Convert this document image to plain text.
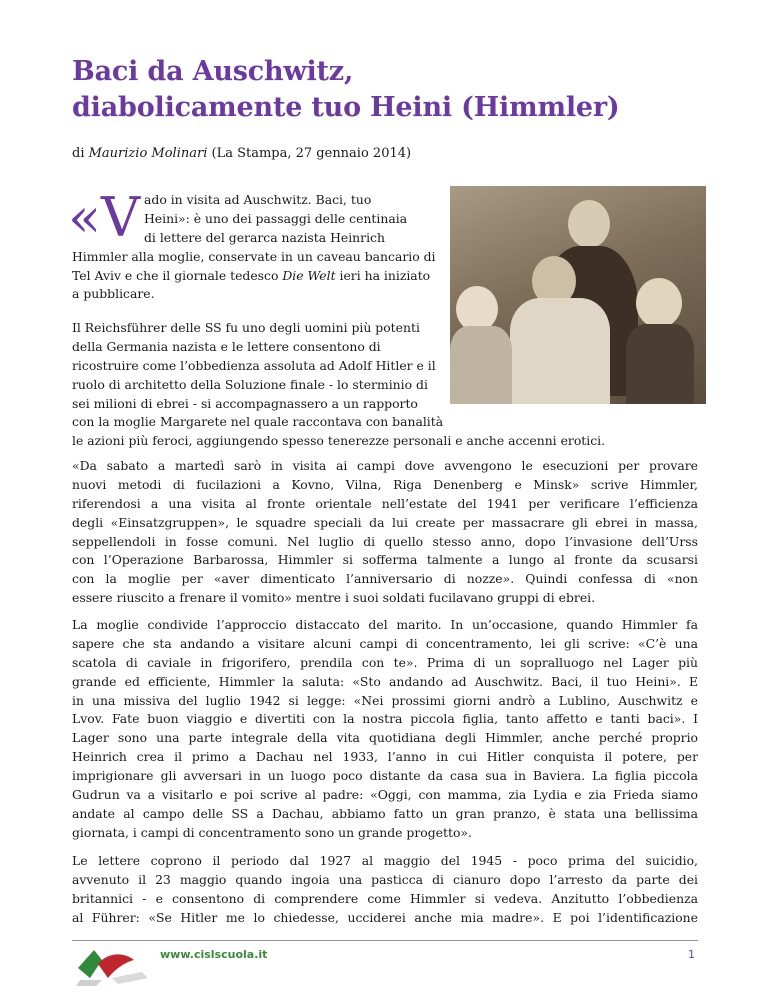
Baci da Auschwitz,
diabolicamente tuo Heini (Himmler)
di Maurizio Molinari (La Stampa, 27 gennaio 2014)
«V ado in visita ad Auschwitz. Baci, tuo
Heini»: è uno dei passaggi delle centinaia
di lettere del gerarca nazista Heinrich
Himmler alla moglie, conservate in un caveau bancario di
Tel Aviv e che il giornale tedesco Die Welt ieri ha iniziato
a pubblicare.
Il Reichsführer delle SS fu uno degli uomini più potenti
della Germania nazista e le lettere consentono di
ricostruire come l’obbedienza assoluta ad Adolf Hitler e il
ruolo di architetto della Soluzione finale - lo sterminio di
sei milioni di ebrei - si accompagnassero a un rapporto
con la moglie Margarete nel quale raccontava con banalità
le azioni più feroci, aggiungendo spesso tenerezze personali e anche accenni erotici.
«Da sabato a martedì sarò in visita ai campi dove avvengono le esecuzioni per provare
nuovi metodi di fucilazioni a Kovno, Vilna, Riga Denenberg e Minsk» scrive Himmler,
riferendosi a una visita al fronte orientale nell’estate del 1941 per verificare l’efficienza
degli «Einsatzgruppen», le squadre speciali da lui create per massacrare gli ebrei in massa,
seppellendoli in fosse comuni. Nel luglio di quello stesso anno, dopo l’invasione dell’Urss
con l’Operazione Barbarossa, Himmler si sofferma talmente a lungo al fronte da scusarsi
con la moglie per «aver dimenticato l’anniversario di nozze». Quindi confessa di «non
essere riuscito a frenare il vomito» mentre i suoi soldati fucilavano gruppi di ebrei.
La moglie condivide l’approccio distaccato del marito. In un’occasione, quando Himmler fa
sapere che sta andando a visitare alcuni campi di concentramento, lei gli scrive: «C’è una
scatola di caviale in frigorifero, prendila con te». Prima di un sopralluogo nel Lager più
grande ed efficiente, Himmler la saluta: «Sto andando ad Auschwitz. Baci, il tuo Heini». E
in una missiva del luglio 1942 si legge: «Nei prossimi giorni andrò a Lublino, Auschwitz e
Lvov. Fate buon viaggio e divertiti con la nostra piccola figlia, tanto affetto e tanti baci». I
Lager sono una parte integrale della vita quotidiana degli Himmler, anche perché proprio
Heinrich crea il primo a Dachau nel 1933, l’anno in cui Hitler conquista il potere, per
imprigionare gli avversari in un luogo poco distante da casa sua in Baviera. La figlia piccola
Gudrun va a visitarlo e poi scrive al padre: «Oggi, con mamma, zia Lydia e zia Frieda siamo
andate al campo delle SS a Dachau, abbiamo fatto un gran pranzo, è stata una bellissima
giornata, i campi di concentramento sono un grande progetto».
Le lettere coprono il periodo dal 1927 al maggio del 1945 - poco prima del suicidio,
avvenuto il 23 maggio quando ingoia una pasticca di cianuro dopo l’arresto da parte dei
britannici - e consentono di comprendere come Himmler si vedeva. Anzitutto l’obbedienza
al Führer: «Se Hitler me lo chiedesse, ucciderei anche mia madre». E poi l’identificazione
www.cislscuola.it	1
